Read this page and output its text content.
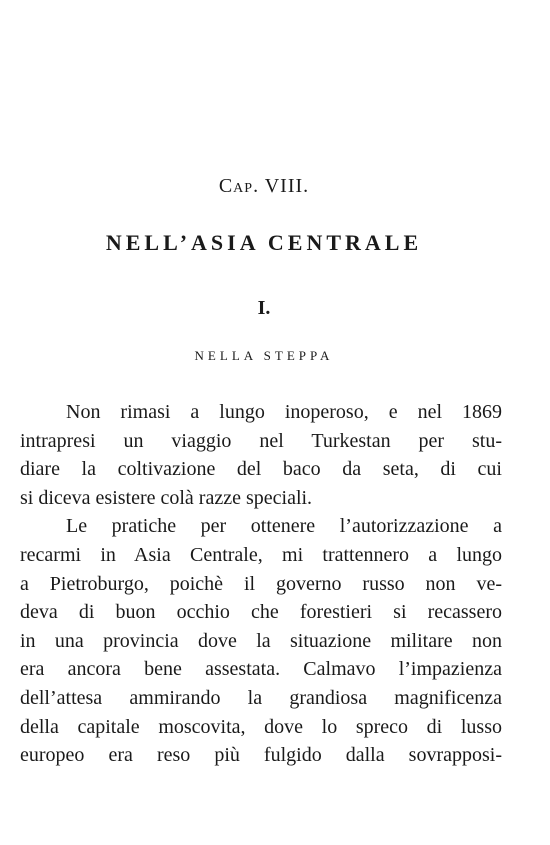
Cap. VIII.
NELL’ASIA CENTRALE
I.
NELLA STEPPA
Non rimasi a lungo inoperoso, e nel 1869
intrapresi un viaggio nel Turkestan per stu-
diare la coltivazione del baco da seta, di cui
si diceva esistere colà razze speciali.
Le pratiche per ottenere l’autorizzazione a
recarmi in Asia Centrale, mi trattennero a lungo
a Pietroburgo, poichè il governo russo non ve-
deva di buon occhio che forestieri si recassero
in una provincia dove la situazione militare non
era ancora bene assestata. Calmavo l’impazienza
dell’attesa ammirando la grandiosa magnificenza
della capitale moscovita, dove lo spreco di lusso
europeo era reso più fulgido dalla sovrapposi-
